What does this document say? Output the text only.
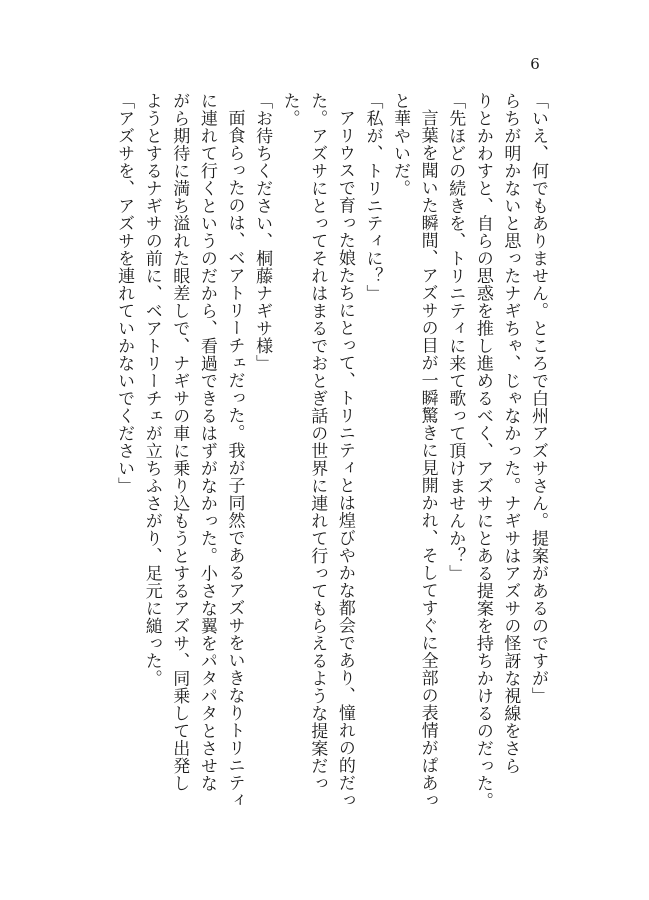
6

「いえ、何でもありません。ところで白州アズサさん。提案があるのですが」

らちが明かないと思ったナギちゃ、じゃなかった。ナギサはアズサの怪訝な視線をさら

りとかわすと、自らの思惑を推し進めるべく、アズサにとある提案を持ちかけるのだった。

「先ほどの続きを、トリニティに来て歌って頂けませんか？」

言葉を聞いた瞬間、アズサの目が一瞬驚きに見開かれ、そしてすぐに全部の表情がぱあっ

と華やいだ。

「私が、トリニティに？」

アリウスで育った娘たちにとって、トリニティとは煌びやかな都会であり、憧れの的だっ

た。アズサにとってそれはまるでおとぎ話の世界に連れて行ってもらえるような提案だっ

た。

「お待ちください、桐藤ナギサ様」

面食らったのは、ベアトリーチェだった。我が子同然であるアズサをいきなりトリニティ

に連れて行くというのだから、看過できるはずがなかった。小さな翼をパタパタとさせな

がら期待に満ち溢れた眼差しで、ナギサの車に乗り込もうとするアズサ、同乗して出発し

ようとするナギサの前に、ベアトリーチェが立ちふさがり、足元に縋った。

「アズサを、アズサを連れていかないでください」
